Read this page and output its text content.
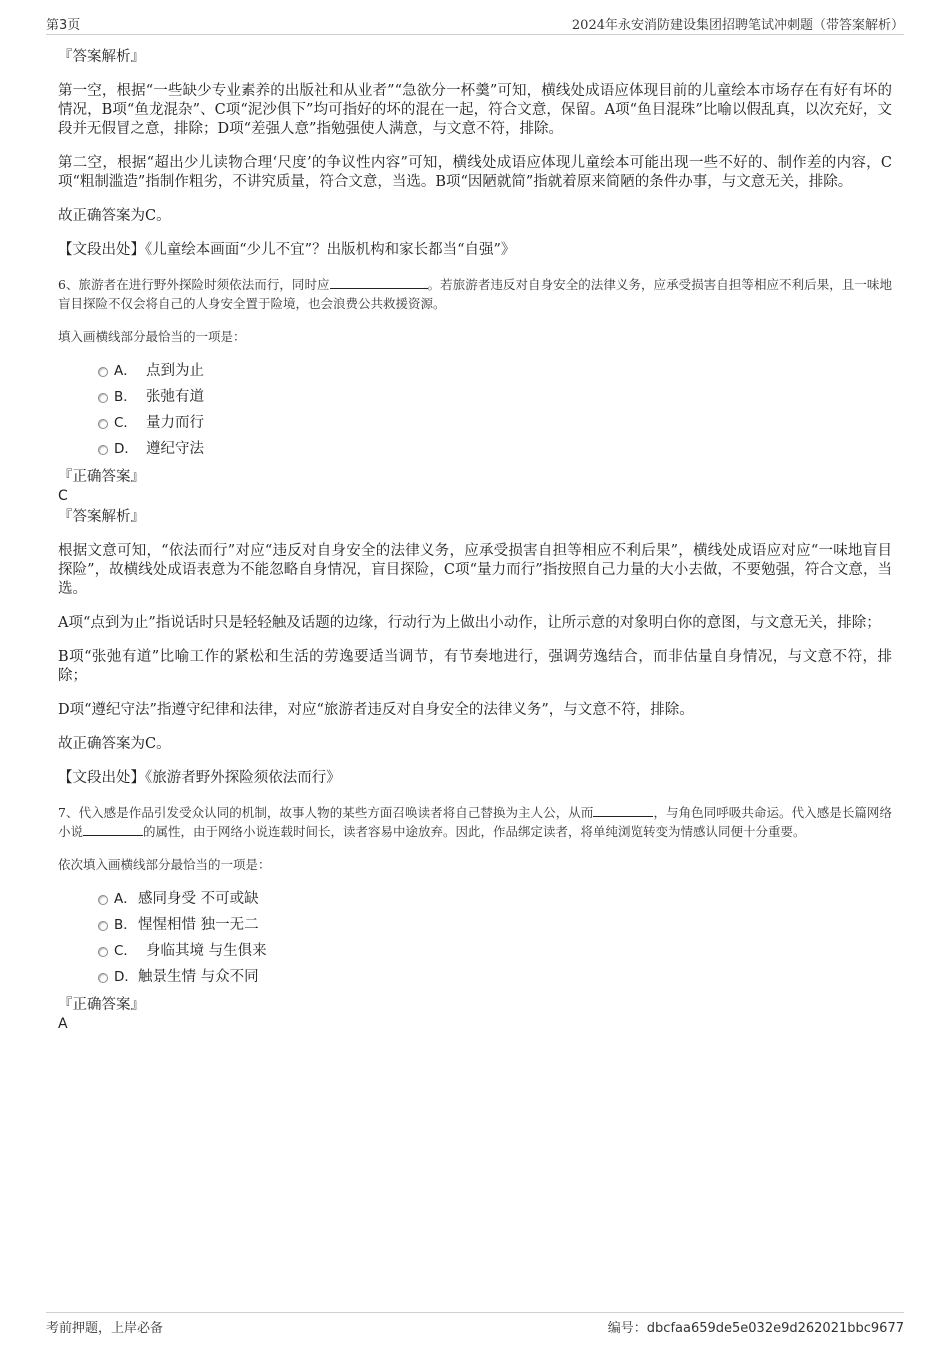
第3页	2024年永安消防建设集团招聘笔试冲刺题（带答案解析）

『答案解析』

第一空，根据“一些缺少专业素养的出版社和从业者”“急欲分一杯羹”可知，横线处成语应体现目前的儿童绘本市场存在有好有坏的情况，B项“鱼龙混杂”、C项“泥沙俱下”均可指好的坏的混在一起，符合文意，保留。A项“鱼目混珠”比喻以假乱真，以次充好，文段并无假冒之意，排除；D项“差强人意”指勉强使人满意，与文意不符，排除。

第二空，根据“超出少儿读物合理‘尺度’的争议性内容”可知，横线处成语应体现儿童绘本可能出现一些不好的、制作差的内容，C项“粗制滥造”指制作粗劣，不讲究质量，符合文意，当选。B项“因陋就简”指就着原来简陋的条件办事，与文意无关，排除。

故正确答案为C。

【文段出处】《儿童绘本画面“少儿不宜”？出版机构和家长都当“自强”》

6、旅游者在进行野外探险时须依法而行，同时应	。若旅游者违反对自身安全的法律义务，应承受损害自担等相应不利后果，且一味地盲目探险不仅会将自己的人身安全置于险境，也会浪费公共救援资源。

填入画横线部分最恰当的一项是：

A． 点到为止
B． 张弛有道
C． 量力而行
D． 遵纪守法

『正确答案』

C

『答案解析』

根据文意可知，“依法而行”对应“违反对自身安全的法律义务，应承受损害自担等相应不利后果”，横线处成语应对应“一味地盲目探险”，故横线处成语表意为不能忽略自身情况，盲目探险，C项“量力而行”指按照自己力量的大小去做，不要勉强，符合文意，当选。

A项“点到为止”指说话时只是轻轻触及话题的边缘，行动行为上做出小动作，让所示意的对象明白你的意图，与文意无关，排除；

B项“张弛有道”比喻工作的紧松和生活的劳逸要适当调节，有节奏地进行，强调劳逸结合，而非估量自身情况，与文意不符，排除；

D项“遵纪守法”指遵守纪律和法律，对应“旅游者违反对自身安全的法律义务”，与文意不符，排除。

故正确答案为C。

【文段出处】《旅游者野外探险须依法而行》

7、代入感是作品引发受众认同的机制，故事人物的某些方面召唤读者将自己替换为主人公，从而	，与角色同呼吸共命运。代入感是长篇网络小说	的属性，由于网络小说连载时间长，读者容易中途放弃。因此，作品绑定读者，将单纯浏览转变为情感认同便十分重要。

依次填入画横线部分最恰当的一项是：

A． 感同身受 不可或缺
B． 惺惺相惜 独一无二
C． 身临其境 与生俱来
D． 触景生情 与众不同

『正确答案』

A

考前押题，上岸必备	编号：dbcfaa659de5e032e9d262021bbc9677
